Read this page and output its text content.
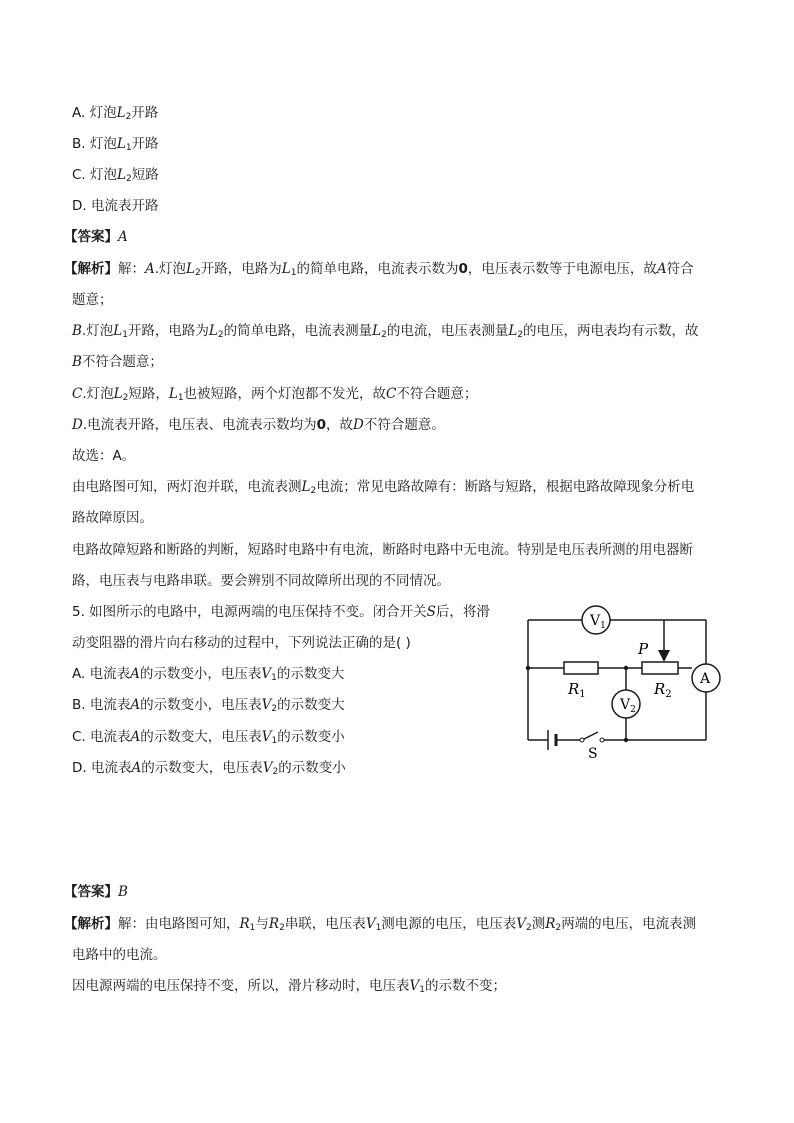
A. 灯泡$L_2$开路
B. 灯泡$L_1$开路
C. 灯泡$L_2$短路
D. 电流表开路
【答案】A
【解析】解：A.灯泡$L_2$开路，电路为$L_1$的简单电路，电流表示数为0，电压表示数等于电源电压，故A符合
题意；
B.灯泡$L_1$开路，电路为$L_2$的简单电路，电流表测量$L_2$的电流，电压表测量$L_2$的电压，两电表均有示数，故
B不符合题意；
C.灯泡$L_2$短路，$L_1$也被短路，两个灯泡都不发光，故C不符合题意；
D.电流表开路，电压表、电流表示数均为0，故D不符合题意。
故选：A。
由电路图可知，两灯泡并联，电流表测$L_2$电流；常见电路故障有：断路与短路，根据电路故障现象分析电
路故障原因。
电路故障短路和断路的判断，短路时电路中有电流，断路时电路中无电流。特别是电压表所测的用电器断
路，电压表与电路串联。要会辨别不同故障所出现的不同情况。
5. 如图所示的电路中，电源两端的电压保持不变。闭合开关S后，将滑
动变阻器的滑片向右移动的过程中，下列说法正确的是( )
A. 电流表A的示数变小，电压表$V_1$的示数变大
B. 电流表A的示数变小，电压表$V_2$的示数变大
C. 电流表A的示数变大，电压表$V_1$的示数变小
D. 电流表A的示数变大，电压表$V_2$的示数变小
$V_1$
$V_2$
A
P
$R_1$	$R_2$
S
【答案】B
【解析】解：由电路图可知，$R_1$与$R_2$串联，电压表$V_1$测电源的电压，电压表$V_2$测$R_2$两端的电压，电流表测
电路中的电流。
因电源两端的电压保持不变，所以，滑片移动时，电压表$V_1$的示数不变；
